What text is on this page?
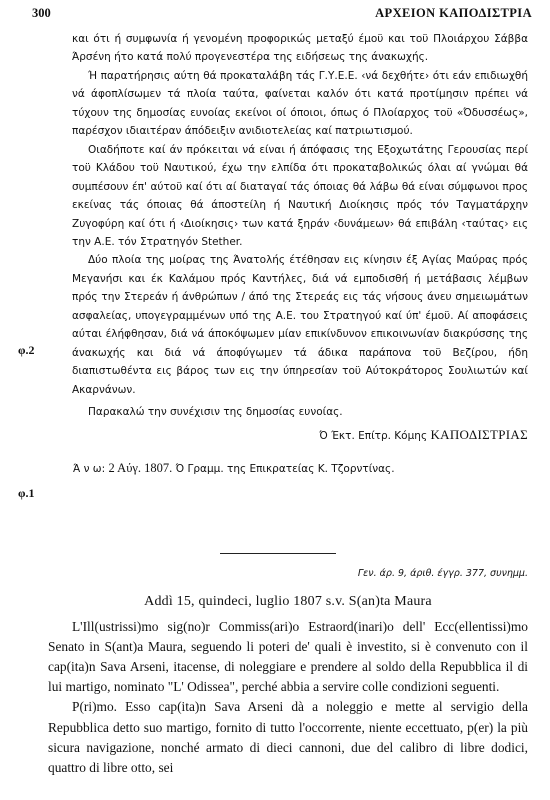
300	ΑΡΧΕΙΟΝ ΚΑΠΟΔΙΣΤΡΙΑ
φ.2
φ.1

και ότι ή συμφωνία ή γενομένη προφορικώς μεταξύ έμοϋ και τοϋ Πλοιάρχου Σάββα Άρσένη ήτο κατά πολύ προγενεστέρα της ειδήσεως της άνακωχής.

Ή παρατήρησις αύτη θά προκαταλάβη τάς Γ.Υ.Ε.Ε. ‹νά δεχθήτε› ότι εάν επιδιωχθή νά άφοπλίσωμεν τά πλοία ταύτα, φαίνεται καλόν ότι κατά προτίμησιν πρέπει νά τύχουν της δημοσίας ευνοίας εκείνοι οί όποιοι, όπως ό Πλοίαρχος τοϋ «Όδυσσέως», παρέσχον ιδιαιτέραν άπόδειξιν ανιδιοτελείας καί πατριωτισμού.

Οιαδήποτε καί άν πρόκειται νά είναι ή άπόφασις της Εξοχωτάτης Γερουσίας περί τοϋ Κλάδου τοϋ Ναυτικού, έχω την ελπίδα ότι προκαταβολικώς όλαι αί γνώμαι θά συμπέσουν έπ' αύτοϋ καί ότι αί διαταγαί τάς όποιας θά λάβω θά είναι σύμφωνοι προς εκείνας τάς όποιας θά άποστείλη ή Ναυτική Διοίκησις πρός τόν Ταγματάρχην Ζυγοφύρη καί ότι ή ‹Διοίκησις› των κατά ξηράν ‹δυνάμεων› θά επιβάλη ‹ταύτας› εις την Α.Ε. τόν Στρατηγόν Stether.

Δύο πλοία της μοίρας της Άνατολής έτέθησαν εις κίνησιν έξ Αγίας Μαύρας πρός Μεγανήσι και έκ Καλάμου πρός Καντήλες, διά νά εμποδισθή ή μετάβασις λέμβων πρός την Στερεάν ή άνθρώπων / άπό της Στερεάς εις τάς νήσους άνευ σημειωμάτων ασφαλείας, υπογεγραμμένων υπό της Α.Ε. του Στρατηγού καί ύπ' έμοϋ. Αί αποφάσεις αύται έλήφθησαν, διά νά άποκόψωμεν μίαν επικίνδυνον επικοινωνίαν διακρύσσης της άνακωχής και διά νά άποφύγωμεν τά άδικα παράπονα τοϋ Βεζίρου, ήδη διαπιστωθέντα εις βάρος των εις την ύπηρεσίαν τοϋ Αύτοκράτορος Σουλιωτών καί Ακαρνάνων.

Παρακαλώ την συνέχισιν της δημοσίας ευνοίας.

Ό Έκτ. Επίτρ. Κόμης ΚΑΠΟΔΙΣΤΡΙΑΣ

Ά ν ω: 2 Αύγ. 1807. Ό Γραμμ. της Επικρατείας Κ. Τζορντίνας.

Γεν. άρ. 9, άριθ. έγγρ. 377, συνημμ.

Addì 15, quindeci, luglio 1807 s.v. S(an)ta Maura

L'Ill(ustrissi)mo sig(no)r Commiss(ari)o Estraord(inari)o dell' Ecc(ellentissi)mo Senato in S(ant)a Maura, seguendo li poteri de' quali è investito, si è convenuto con il cap(ita)n Sava Arseni, itacense, di noleggiare e prendere al soldo della Repubblica il di lui martigo, nominato "L' Odissea", perché abbia a servire colle condizioni seguenti.

P(ri)mo. Esso cap(ita)n Sava Arseni dà a noleggio e mette al servigio della Repubblica detto suo martigo, fornito di tutto l'occorrente, niente eccettuato, p(er) la più sicura navigazione, nonché armato di dieci cannoni, due del calibro di libre dodici, quattro di libre otto, sei
